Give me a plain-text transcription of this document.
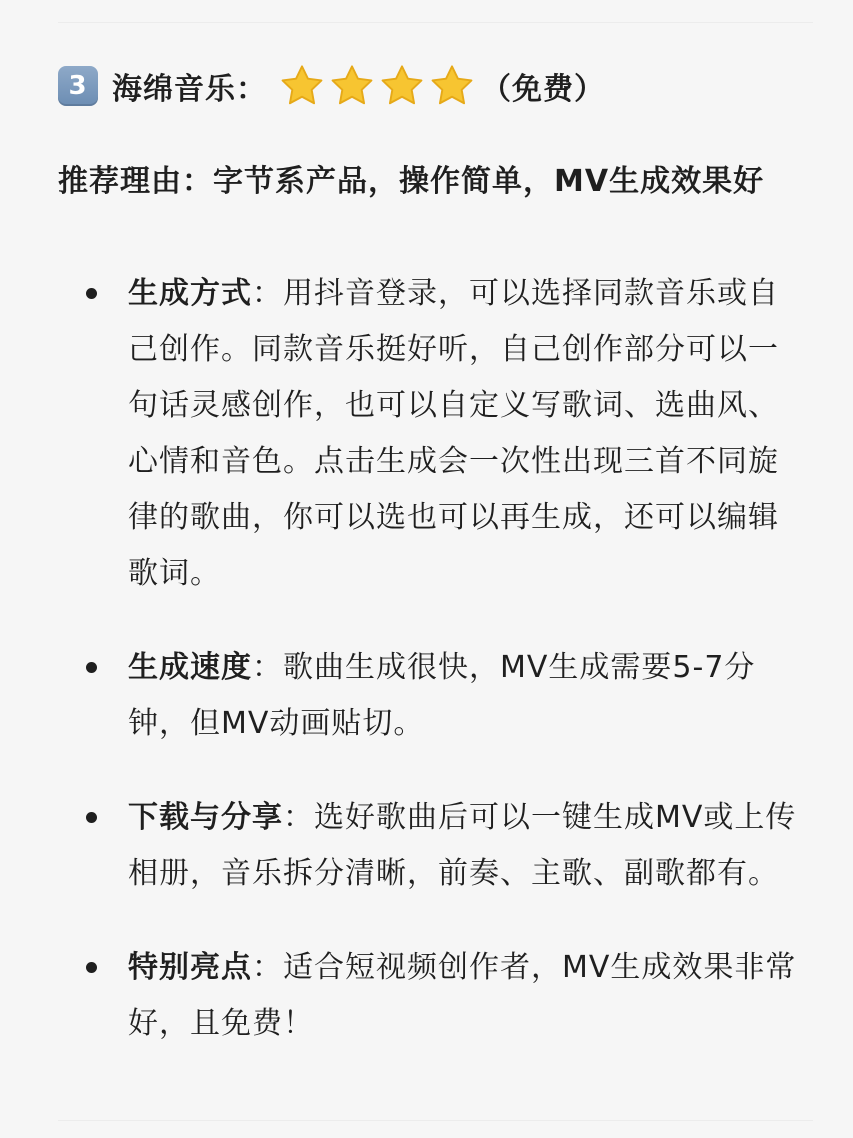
3 海绵音乐：	（免费）
推荐理由：字节系产品，操作简单，MV生成效果好
生成方式：用抖音登录，可以选择同款音乐或自己创作。同款音乐挺好听，自己创作部分可以一句话灵感创作，也可以自定义写歌词、选曲风、心情和音色。点击生成会一次性出现三首不同旋律的歌曲，你可以选也可以再生成，还可以编辑歌词。
生成速度：歌曲生成很快，MV生成需要5-7分钟，但MV动画贴切。
下载与分享：选好歌曲后可以一键生成MV或上传相册，音乐拆分清晰，前奏、主歌、副歌都有。
特别亮点：适合短视频创作者，MV生成效果非常好，且免费！
